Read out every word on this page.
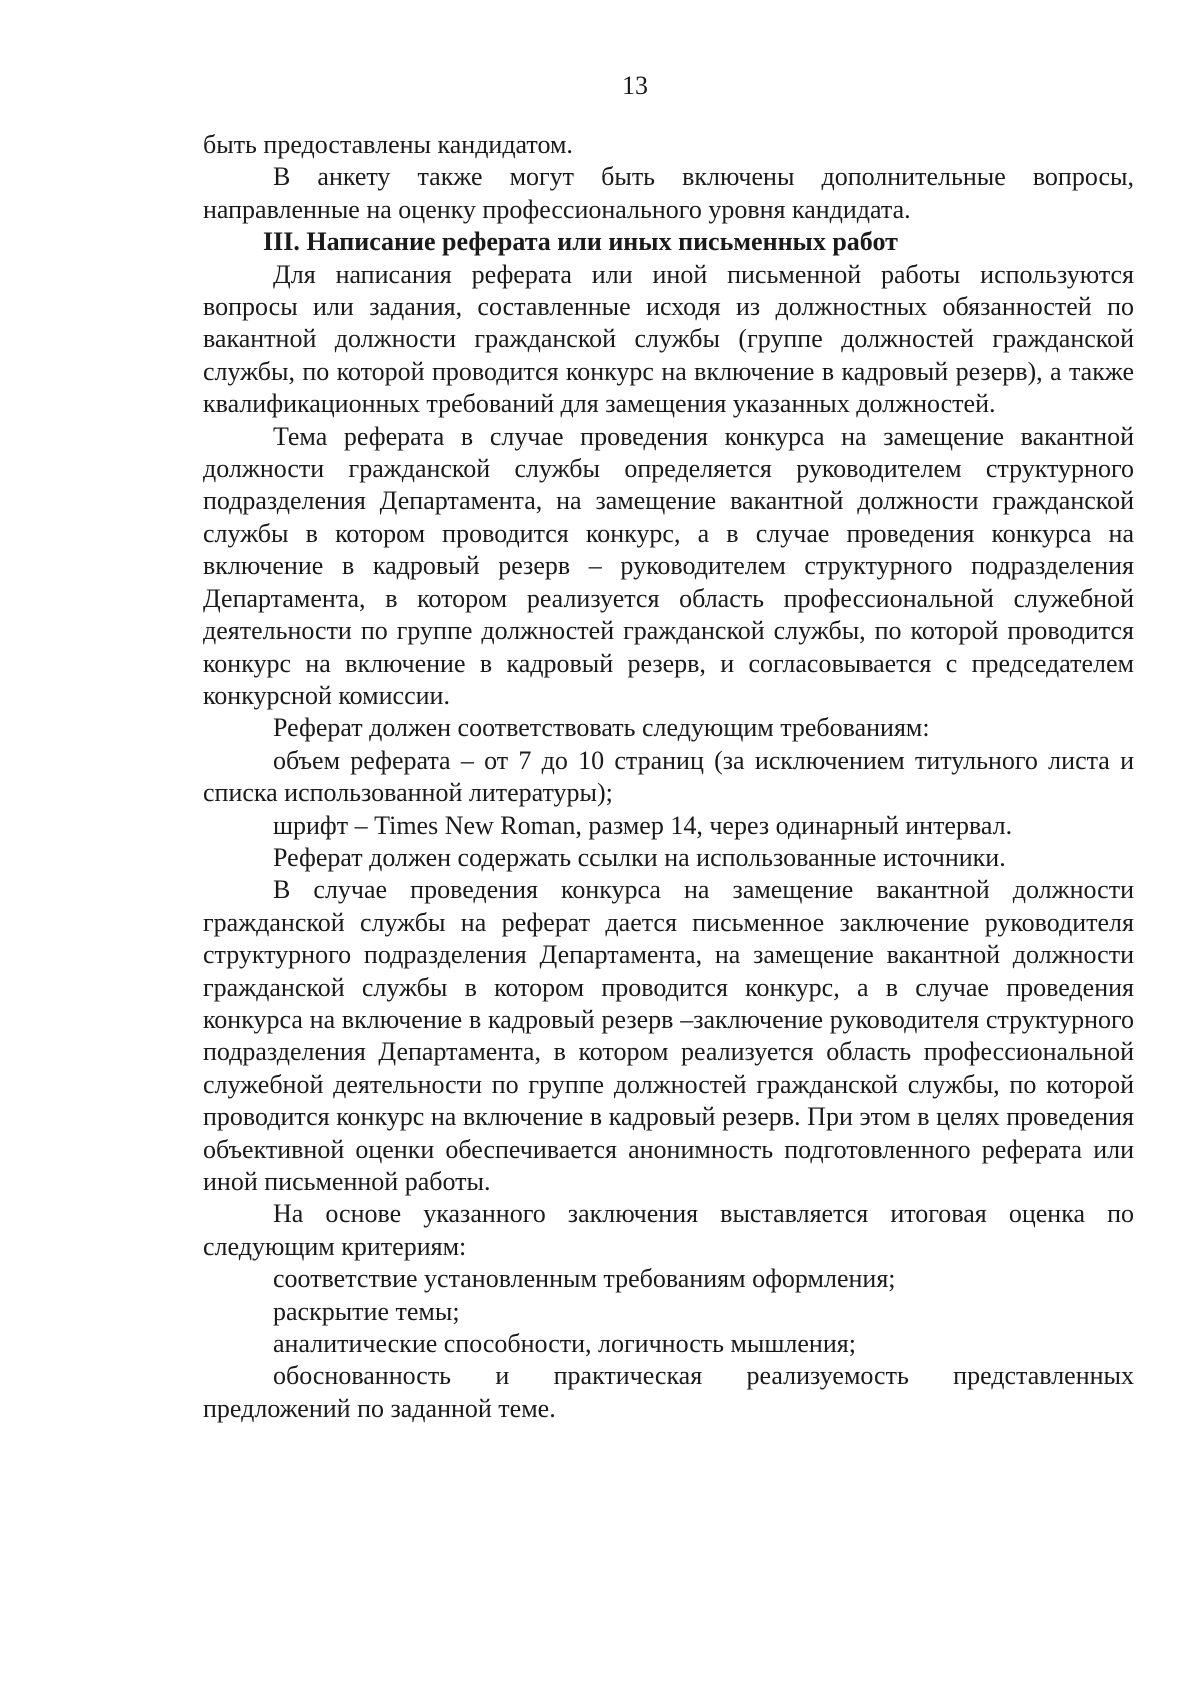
13

быть предоставлены кандидатом.

В анкету также могут быть включены дополнительные вопросы, направленные на оценку профессионального уровня кандидата.

III. Написание реферата или иных письменных работ

Для написания реферата или иной письменной работы используются вопросы или задания, составленные исходя из должностных обязанностей по вакантной должности гражданской службы (группе должностей гражданской службы, по которой проводится конкурс на включение в кадровый резерв), а также квалификационных требований для замещения указанных должностей.

Тема реферата в случае проведения конкурса на замещение вакантной должности гражданской службы определяется руководителем структурного подразделения Департамента, на замещение вакантной должности гражданской службы в котором проводится конкурс, а в случае проведения конкурса на включение в кадровый резерв – руководителем структурного подразделения Департамента, в котором реализуется область профессиональной служебной деятельности по группе должностей гражданской службы, по которой проводится конкурс на включение в кадровый резерв, и согласовывается с председателем конкурсной комиссии.

Реферат должен соответствовать следующим требованиям:

объем реферата – от 7 до 10 страниц (за исключением титульного листа и списка использованной литературы);

шрифт – Times New Roman, размер 14, через одинарный интервал.

Реферат должен содержать ссылки на использованные источники.

В случае проведения конкурса на замещение вакантной должности гражданской службы на реферат дается письменное заключение руководителя структурного подразделения Департамента, на замещение вакантной должности гражданской службы в котором проводится конкурс, а в случае проведения конкурса на включение в кадровый резерв –заключение руководителя структурного подразделения Департамента, в котором реализуется область профессиональной служебной деятельности по группе должностей гражданской службы, по которой проводится конкурс на включение в кадровый резерв. При этом в целях проведения объективной оценки обеспечивается анонимность подготовленного реферата или иной письменной работы.

На основе указанного заключения выставляется итоговая оценка по следующим критериям:

соответствие установленным требованиям оформления;

раскрытие темы;

аналитические способности, логичность мышления;

обоснованность и практическая реализуемость представленных предложений по заданной теме.
